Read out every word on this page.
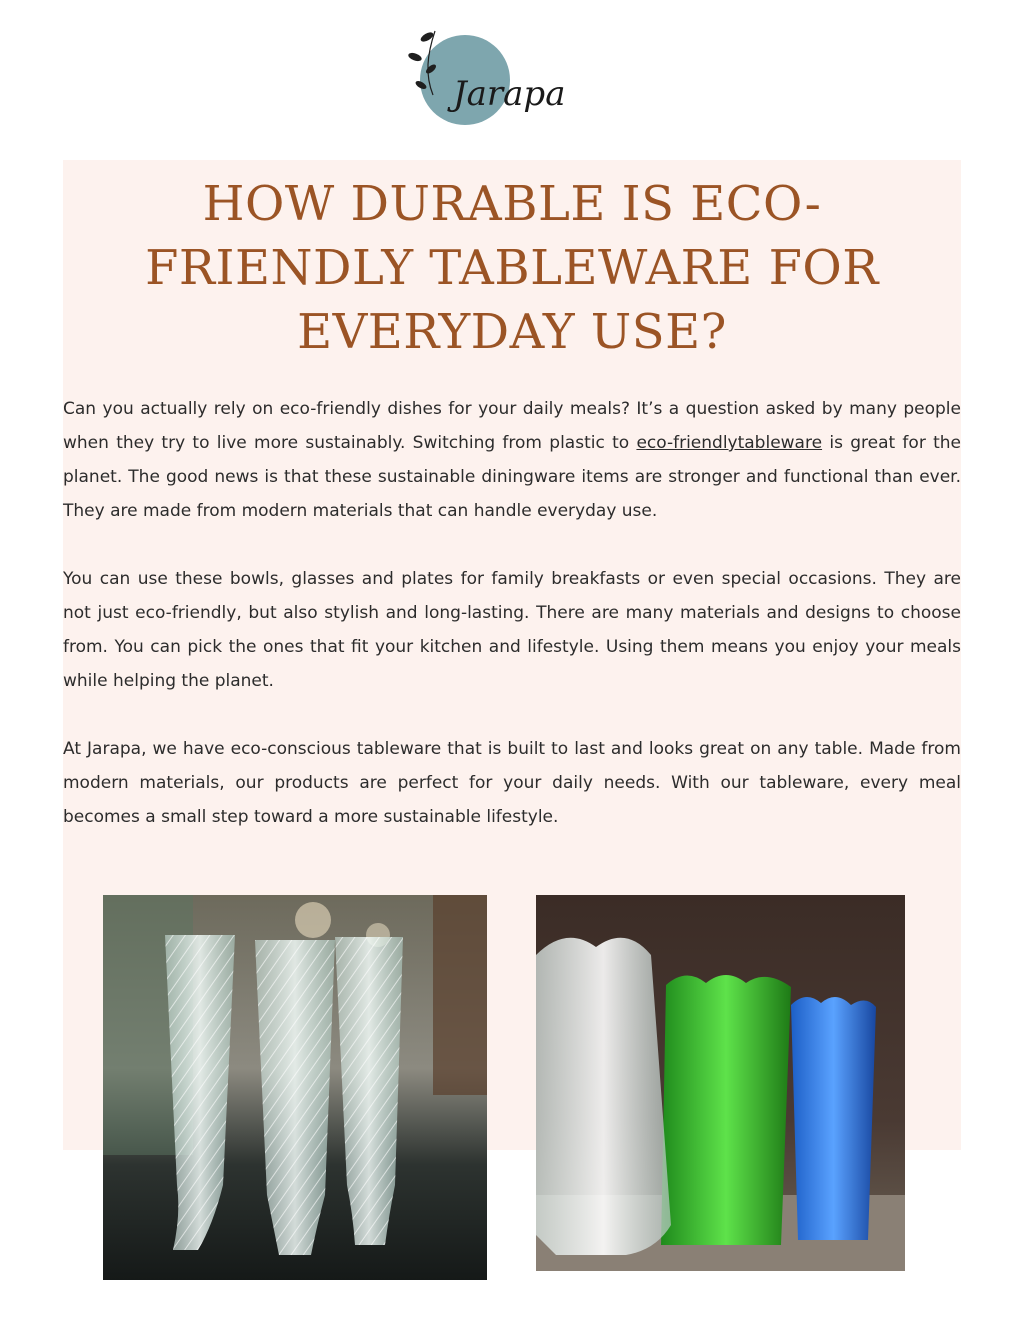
Jarapa
HOW DURABLE IS ECO-
FRIENDLY TABLEWARE FOR
EVERYDAY USE?

Can you actually rely on eco-friendly dishes for your daily meals? It’s a question asked by many people when they try to live more sustainably. Switching from plastic to eco-friendlytableware is great for the planet. The good news is that these sustainable diningware items are stronger and functional than ever. They are made from modern materials that can handle everyday use.

You can use these bowls, glasses and plates for family breakfasts or even special occasions. They are not just eco-friendly, but also stylish and long-lasting. There are many materials and designs to choose from. You can pick the ones that fit your kitchen and lifestyle. Using them means you enjoy your meals while helping the planet.

At Jarapa, we have eco-conscious tableware that is built to last and looks great on any table. Made from modern materials, our products are perfect for your daily needs. With our tableware, every meal becomes a small step toward a more sustainable lifestyle.
